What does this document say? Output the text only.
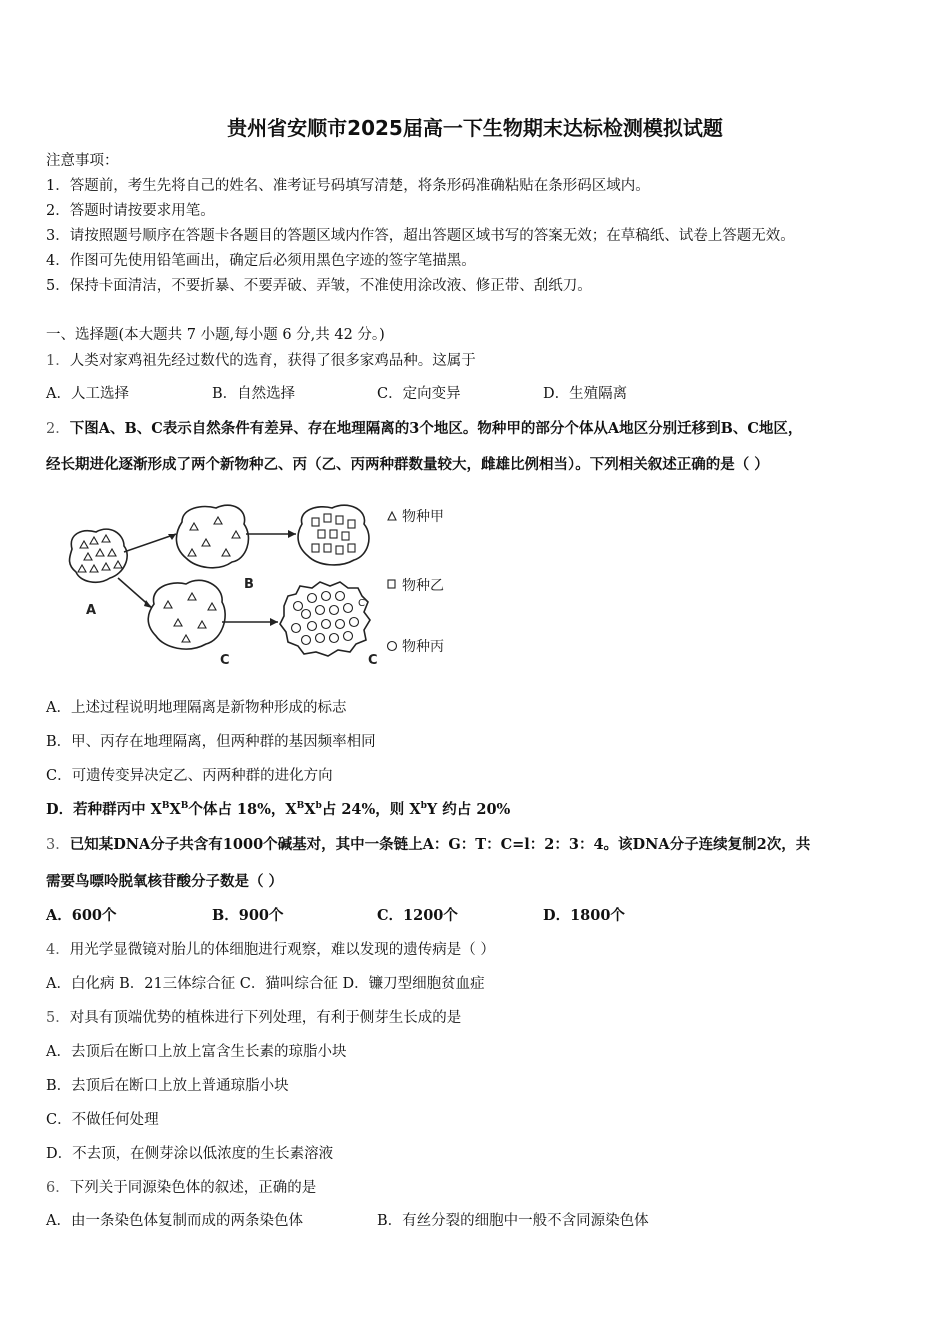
贵州省安顺市2025届高一下生物期末达标检测模拟试题
注意事项：
1．答题前，考生先将自己的姓名、准考证号码填写清楚，将条形码准确粘贴在条形码区域内。
2．答题时请按要求用笔。
3．请按照题号顺序在答题卡各题目的答题区域内作答，超出答题区域书写的答案无效；在草稿纸、试卷上答题无效。
4．作图可先使用铅笔画出，确定后必须用黑色字迹的签字笔描黑。
5．保持卡面清洁，不要折暴、不要弄破、弄皱，不准使用涂改液、修正带、刮纸刀。
一、选择题(本大题共 7 小题,每小题 6 分,共 42 分。)
1．人类对家鸡祖先经过数代的选育，获得了很多家鸡品种。这属于
A．人工选择	B．自然选择	C．定向变异	D．生殖隔离
2．下图A、B、C表示自然条件有差异、存在地理隔离的3个地区。物种甲的部分个体从A地区分别迁移到B、C地区，
经长期进化逐渐形成了两个新物种乙、丙（乙、丙两种群数量较大，雌雄比例相当）。下列相关叙述正确的是（ ）
A
B
C	C
C
物种甲
物种乙
物种丙
A．上述过程说明地理隔离是新物种形成的标志
B．甲、丙存在地理隔离，但两种群的基因频率相同
C．可遗传变异决定乙、丙两种群的进化方向
D．若种群丙中 $X^BX^B$个体占 18%，$X^BX^b$占 24%，则 $X^bY$ 约占 20%
3．已知某DNA分子共含有1000个碱基对，其中一条链上A：G：T：C=l：2：3：4。该DNA分子连续复制2次，共
需要鸟嘌呤脱氧核苷酸分子数是（ ）
A．600个	B．900个	C．1200个	D．1800个
4．用光学显微镜对胎儿的体细胞进行观察，难以发现的遗传病是（ ）
A．白化病 B．21三体综合征 C．猫叫综合征 D．镰刀型细胞贫血症
5．对具有顶端优势的植株进行下列处理，有利于侧芽生长成的是
A．去顶后在断口上放上富含生长素的琼脂小块
B．去顶后在断口上放上普通琼脂小块
C．不做任何处理
D．不去顶，在侧芽涂以低浓度的生长素溶液
6．下列关于同源染色体的叙述，正确的是
A．由一条染色体复制而成的两条染色体	B．有丝分裂的细胞中一般不含同源染色体
